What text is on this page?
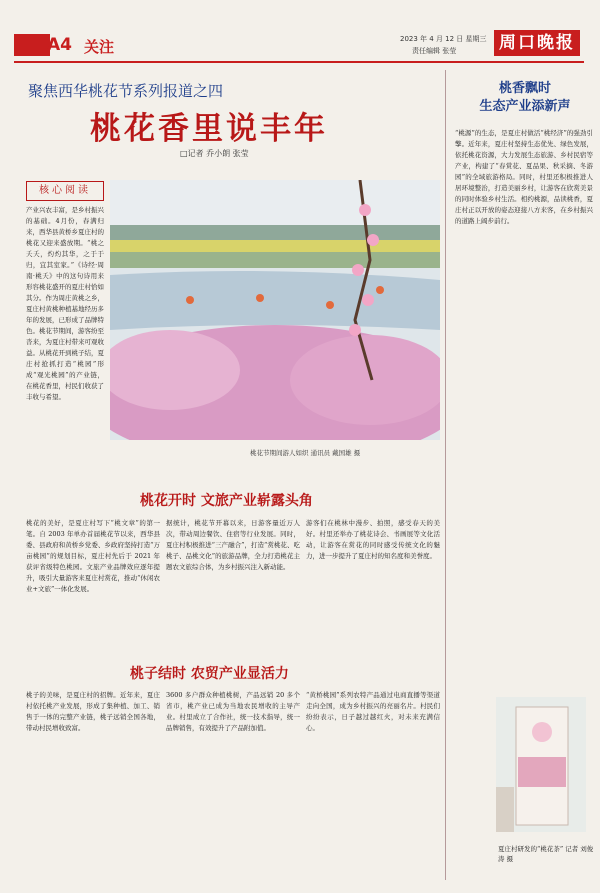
A4 关注	2023 年 4 月 12 日 星期三
责任编辑 张莹	周口晚报
聚焦西华桃花节系列报道之四
桃花香里说丰年
□记者 乔小朗 张莹
核心阅读
产业兴农丰富，是乡村振兴的基础。4月份，春满归来，西华县黄桥乡夏庄村的桃花又迎来盛放期。“桃之夭夭，灼灼其华，之于于归，宜其室家。”《诗经·周南·桃夭》中的这句诗用来形容桃花盛开的夏庄村恰如其分。作为周庄黄桃之乡，夏庄村黄桃种植基地经历多年的发展，已形成了品牌特色。桃花节期间，游客纷至沓来，为夏庄村带来可观收益。从桃花开到桃子结，夏庄村抢抓打造“桃园”形成“观光桃园”的产业链，在桃花香里，村民们收获了丰收与希望。
桃花节期间游人如织 通讯员 戴国雄 摄
桃花开时 文旅产业崭露头角
桃花的美好，是夏庄村写下“桃文章”的第一笔。自 2003 年单办首届桃花节以来，西华县委、县政府和黄桥乡党委、乡政府坚持打造“万亩桃园”的规划目标，夏庄村先后于 2021 年获评省级特色桃园。文旅产业品牌效应逐年提升，吸引大量游客来夏庄村赏花，推动“休闲农业+文旅”一体化发展。
据统计，桃花节开幕以来，日游客量近万人次，带动周边餐饮、住宿等行业发展。同时，夏庄村积极推进“三产融合”，打造“赏桃花、吃桃子、品桃文化”的旅游品牌，全力打造桃花主题农文旅综合体，为乡村振兴注入新动能。
游客们在桃林中漫步、拍照，感受春天的美好。村里还举办了桃花诗会、书画展等文化活动，让游客在赏花的同时感受传统文化的魅力，进一步提升了夏庄村的知名度和美誉度。
桃子结时 农贸产业显活力
桃子的美味，是夏庄村的招牌。近年来，夏庄村依托桃产业发展，形成了集种植、加工、销售于一体的完整产业链，桃子远销全国各地，带动村民增收致富。
3600 多户群众种植桃树，产品远销 20 多个省市，桃产业已成为当地农民增收的主导产业。村里成立了合作社，统一技术指导，统一品牌销售，有效提升了产品附加值。
“黄桥桃园”系列农特产品通过电商直播等渠道走向全国，成为乡村振兴的亮丽名片。村民们纷纷表示，日子越过越红火，对未来充满信心。
桃香飘时
生态产业添新声
“桃源”的生态，是夏庄村做活“桃经济”的强劲引擎。近年来，夏庄村坚持生态优先、绿色发展，依托桃花资源，大力发展生态旅游、乡村民宿等产业，构建了“春赏花、夏品果、秋采摘、冬游园”的全域旅游格局。同时，村里还积极推进人居环境整治，打造美丽乡村，让游客在欣赏美景的同时体验乡村生活。相约桃源，品读桃香，夏庄村正以开放的姿态迎接八方来客，在乡村振兴的道路上阔步前行。
夏庄村研发的“桃花茶” 记者 刘俊涛 摄
